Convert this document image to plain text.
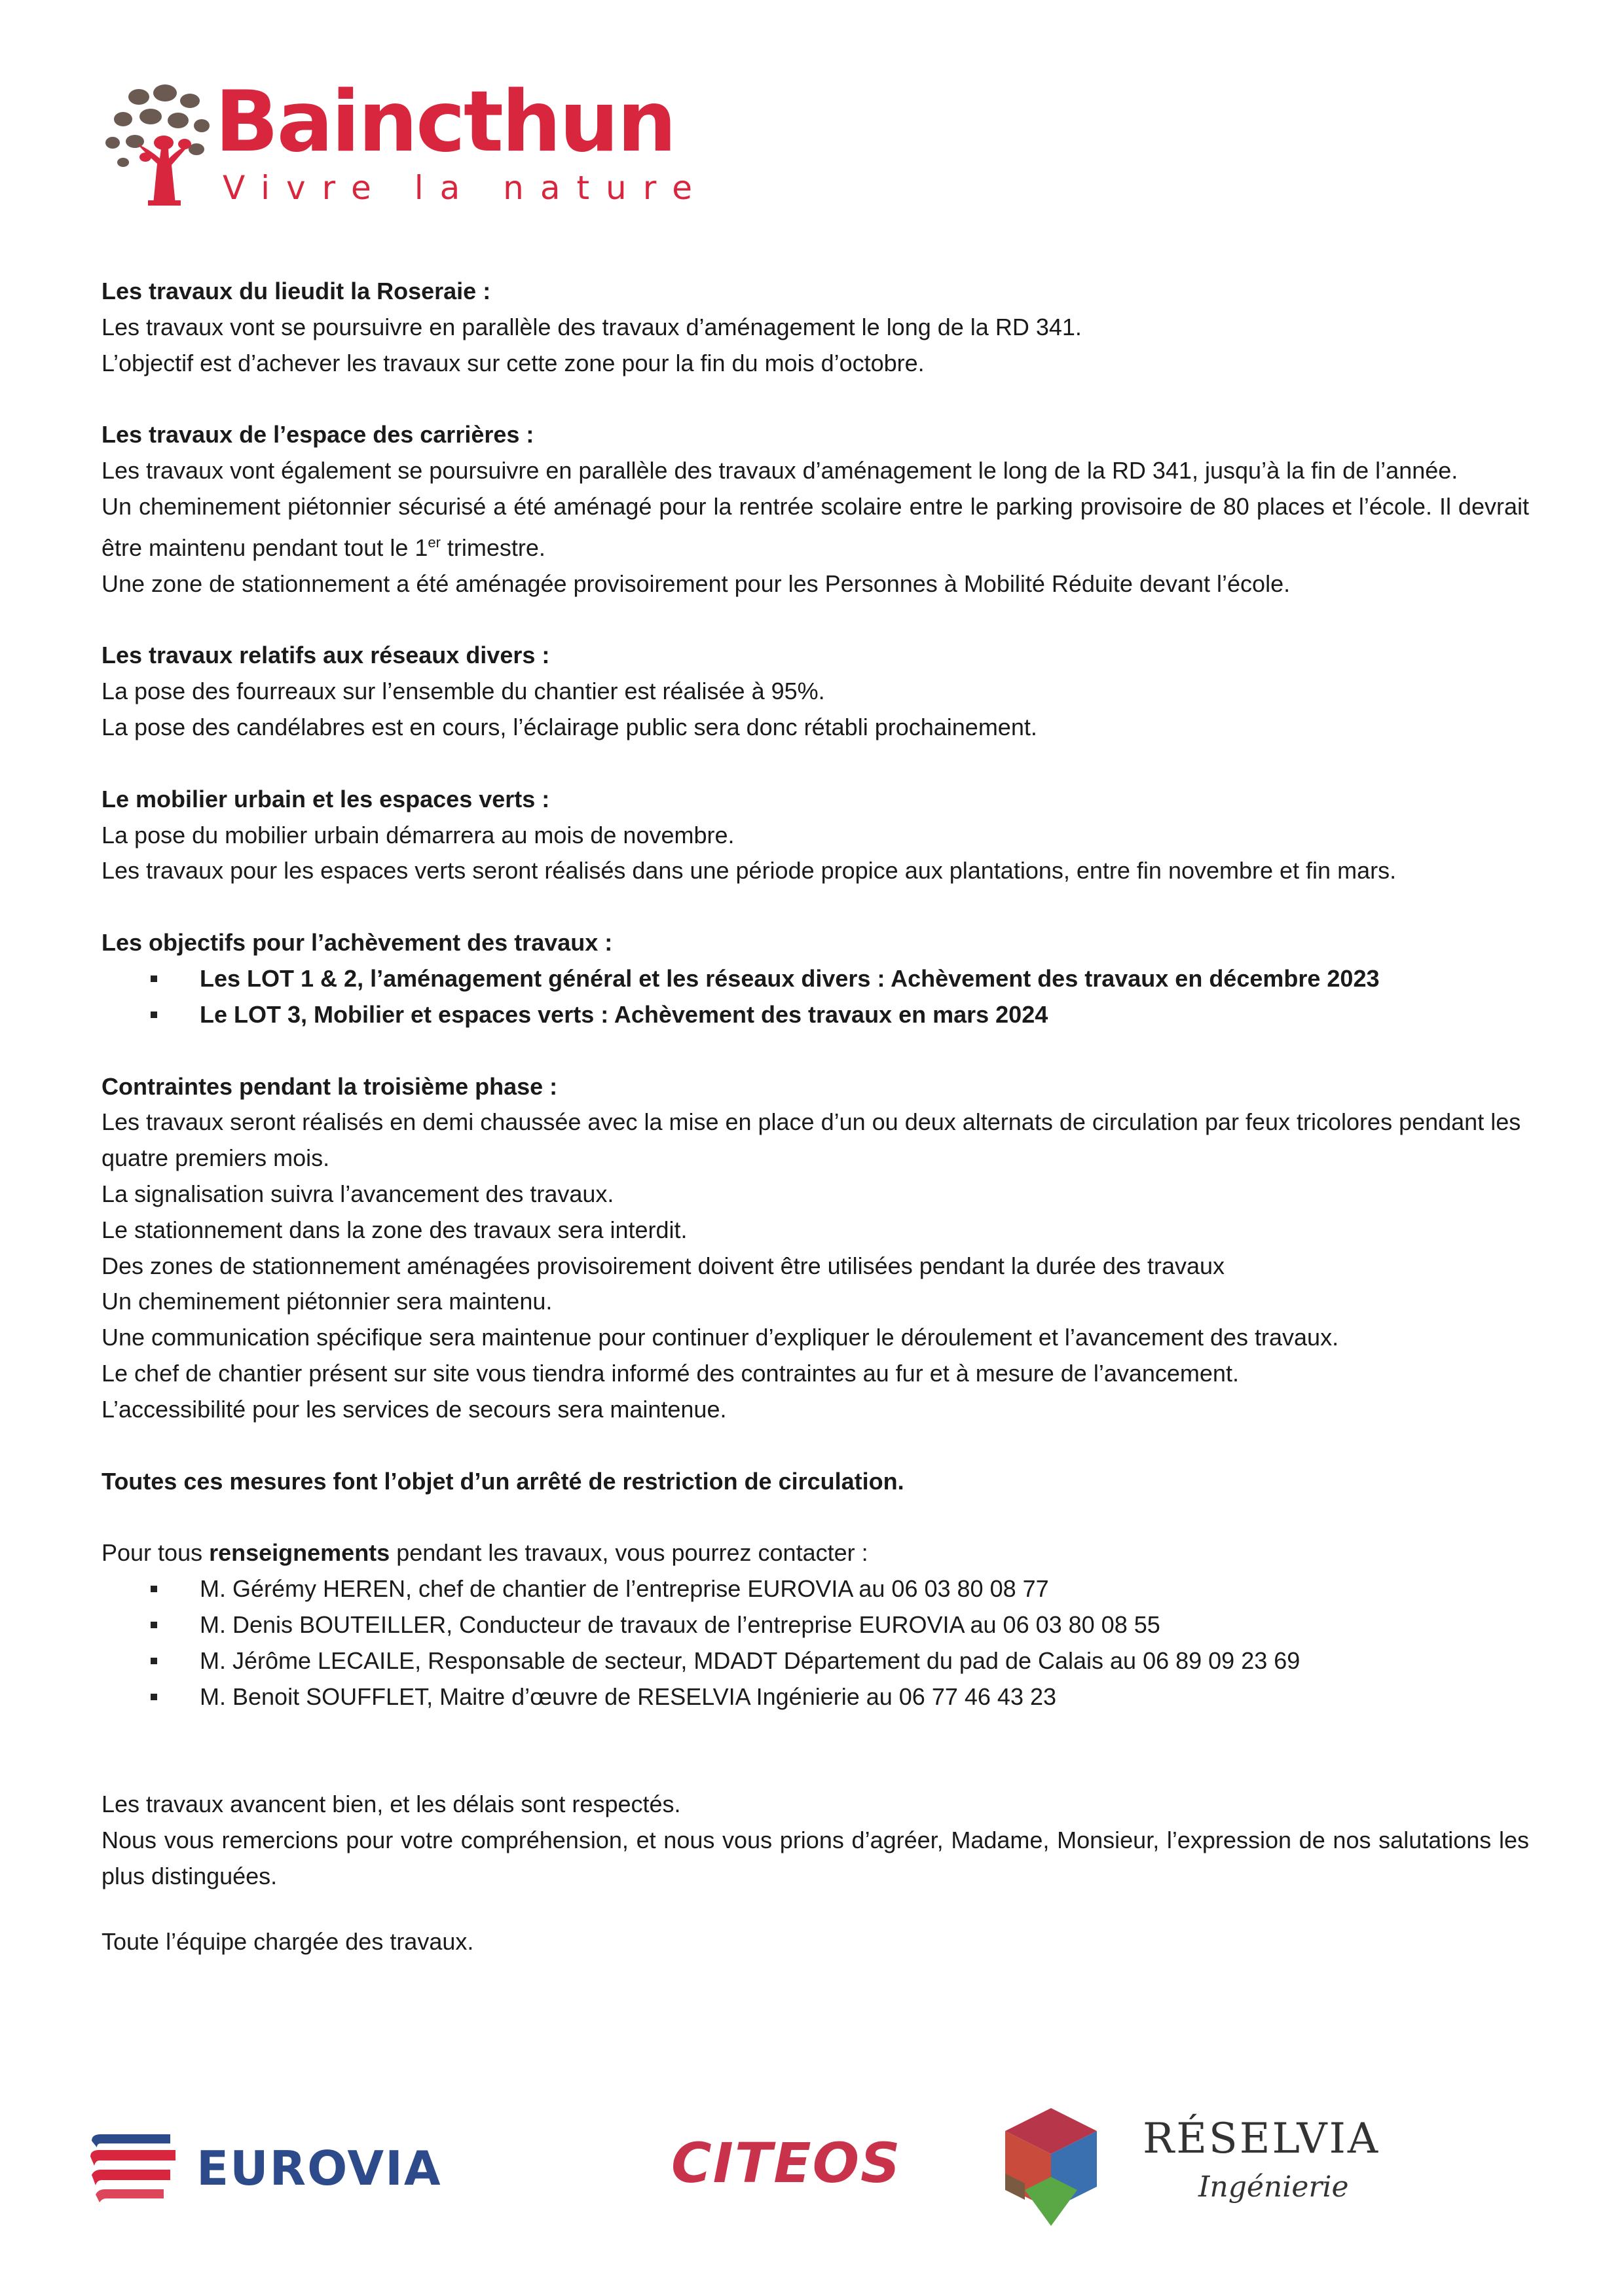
Baincthun
Vivre la nature

Les travaux du lieudit la Roseraie :

Les travaux vont se poursuivre en parallèle des travaux d’aménagement le long de la RD 341.

L’objectif est d’achever les travaux sur cette zone pour la fin du mois d’octobre.

Les travaux de l’espace des carrières :

Les travaux vont également se poursuivre en parallèle des travaux d’aménagement le long de la RD 341, jusqu’à la fin de l’année.

Un cheminement piétonnier sécurisé a été aménagé pour la rentrée scolaire entre le parking provisoire de 80 places et l’école. Il devrait être maintenu pendant tout le 1er trimestre.

Une zone de stationnement a été aménagée provisoirement pour les Personnes à Mobilité Réduite devant l’école.

Les travaux relatifs aux réseaux divers :

La pose des fourreaux sur l’ensemble du chantier est réalisée à 95%.

La pose des candélabres est en cours, l’éclairage public sera donc rétabli prochainement.

Le mobilier urbain et les espaces verts :

La pose du mobilier urbain démarrera au mois de novembre.

Les travaux pour les espaces verts seront réalisés dans une période propice aux plantations, entre fin novembre et fin mars.

Les objectifs pour l’achèvement des travaux :

Les LOT 1 & 2, l’aménagement général et les réseaux divers : Achèvement des travaux en décembre 2023
Le LOT 3, Mobilier et espaces verts : Achèvement des travaux en mars 2024

Contraintes pendant la troisième phase :

Les travaux seront réalisés en demi chaussée avec la mise en place d’un ou deux alternats de circulation par feux tricolores pendant les quatre premiers mois.

La signalisation suivra l’avancement des travaux.

Le stationnement dans la zone des travaux sera interdit.

Des zones de stationnement aménagées provisoirement doivent être utilisées pendant la durée des travaux

Un cheminement piétonnier sera maintenu.

Une communication spécifique sera maintenue pour continuer d’expliquer le déroulement et l’avancement des travaux.

Le chef de chantier présent sur site vous tiendra informé des contraintes au fur et à mesure de l’avancement.

L’accessibilité pour les services de secours sera maintenue.

Toutes ces mesures font l’objet d’un arrêté de restriction de circulation.

Pour tous renseignements pendant les travaux, vous pourrez contacter :

M. Gérémy HEREN, chef de chantier de l’entreprise EUROVIA au 06 03 80 08 77
M. Denis BOUTEILLER, Conducteur de travaux de l’entreprise EUROVIA au 06 03 80 08 55
M. Jérôme LECAILE, Responsable de secteur, MDADT Département du pad de Calais au 06 89 09 23 69
M. Benoit SOUFFLET, Maitre d’œuvre de RESELVIA Ingénierie au 06 77 46 43 23

Les travaux avancent bien, et les délais sont respectés.

Nous vous remercions pour votre compréhension, et nous vous prions d’agréer, Madame, Monsieur, l’expression de nos salutations les plus distinguées.

Toute l’équipe chargée des travaux.

EUROVIA	CITEOS	RÉSELVIA
Ingénierie
